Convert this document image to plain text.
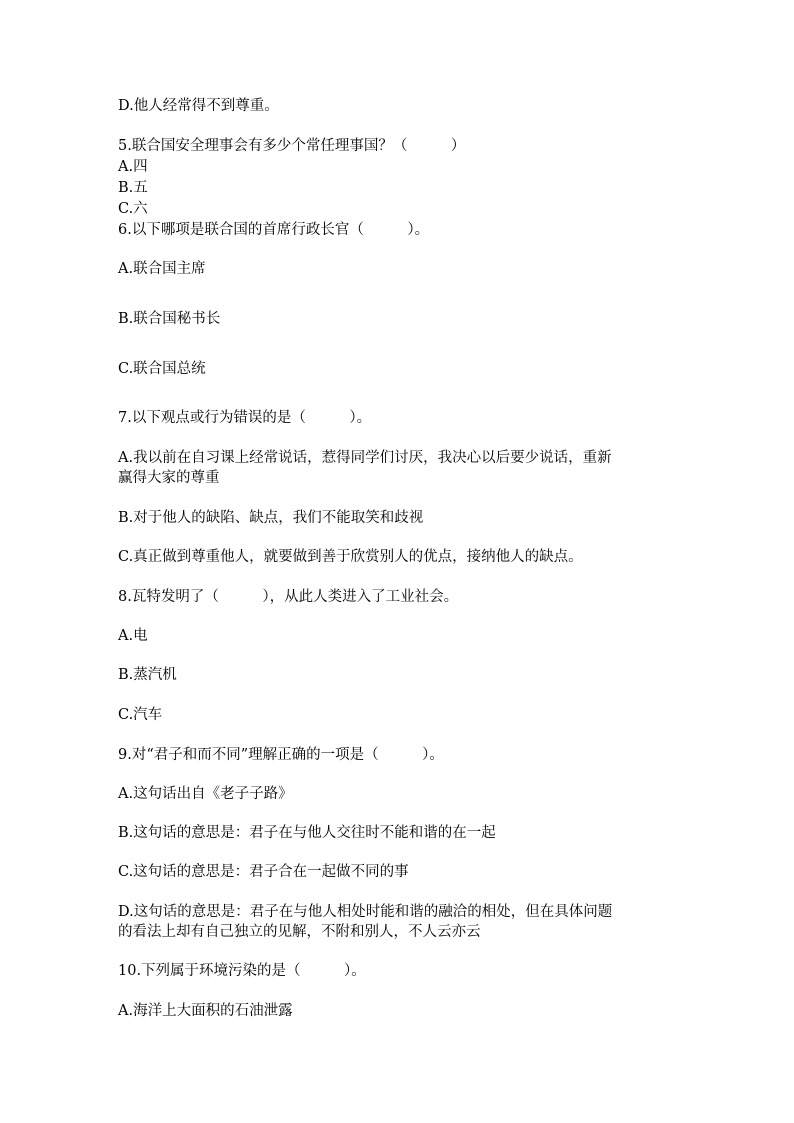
D.他人经常得不到尊重。
5.联合国安全理事会有多少个常任理事国？（　　　）
A.四
B.五
C.六
6.以下哪项是联合国的首席行政长官（　　　）。
A.联合国主席
B.联合国秘书长
C.联合国总统
7.以下观点或行为错误的是（　　　）。
A.我以前在自习课上经常说话，惹得同学们讨厌，我决心以后要少说话，重新
赢得大家的尊重
B.对于他人的缺陷、缺点，我们不能取笑和歧视
C.真正做到尊重他人，就要做到善于欣赏别人的优点，接纳他人的缺点。
8.瓦特发明了（　　　），从此人类进入了工业社会。
A.电
B.蒸汽机
C.汽车
9.对“君子和而不同”理解正确的一项是（　　　）。
A.这句话出自《老子子路》
B.这句话的意思是：君子在与他人交往时不能和谐的在一起
C.这句话的意思是：君子合在一起做不同的事
D.这句话的意思是：君子在与他人相处时能和谐的融洽的相处，但在具体问题
的看法上却有自己独立的见解，不附和别人，不人云亦云
10.下列属于环境污染的是（　　　）。
A.海洋上大面积的石油泄露
